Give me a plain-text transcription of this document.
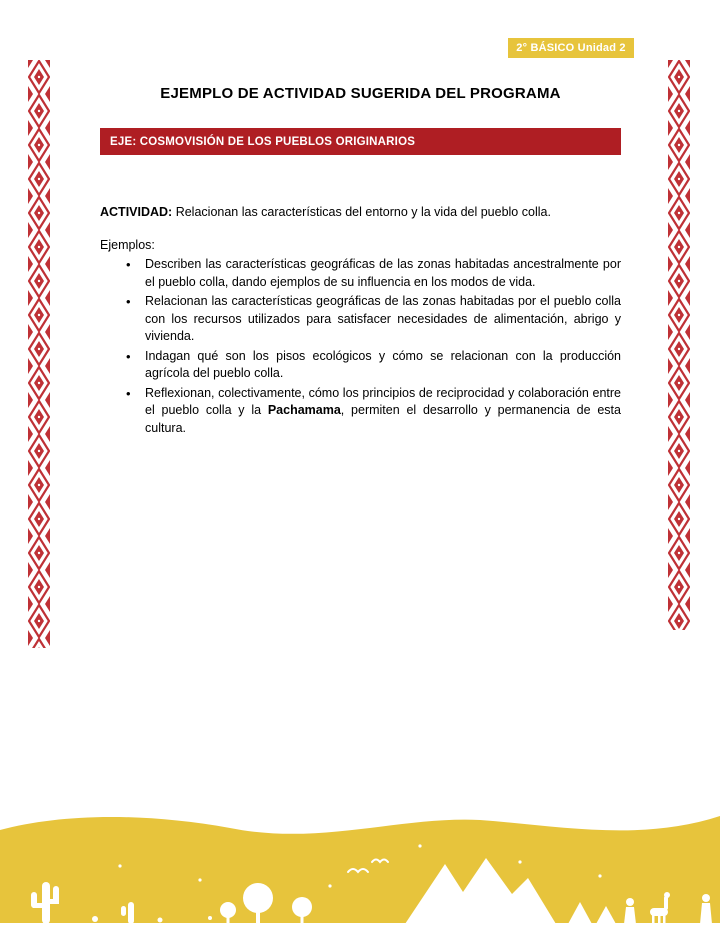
2° BÁSICO Unidad 2
EJEMPLO DE ACTIVIDAD SUGERIDA DEL PROGRAMA
EJE: COSMOVISIÓN DE LOS PUEBLOS ORIGINARIOS

ACTIVIDAD: Relacionan las características del entorno y la vida del pueblo colla.

Ejemplos:

• Describen las características geográficas de las zonas habitadas ancestralmente por el pueblo colla, dando ejemplos de su influencia en los modos de vida.
• Relacionan las características geográficas de las zonas habitadas por el pueblo colla con los recursos utilizados para satisfacer necesidades de alimentación, abrigo y vivienda.
• Indagan qué son los pisos ecológicos y cómo se relacionan con la producción agrícola del pueblo colla.
• Reflexionan, colectivamente, cómo los principios de reciprocidad y colaboración entre el pueblo colla y la Pachamama, permiten el desarrollo y permanencia de esta cultura.
